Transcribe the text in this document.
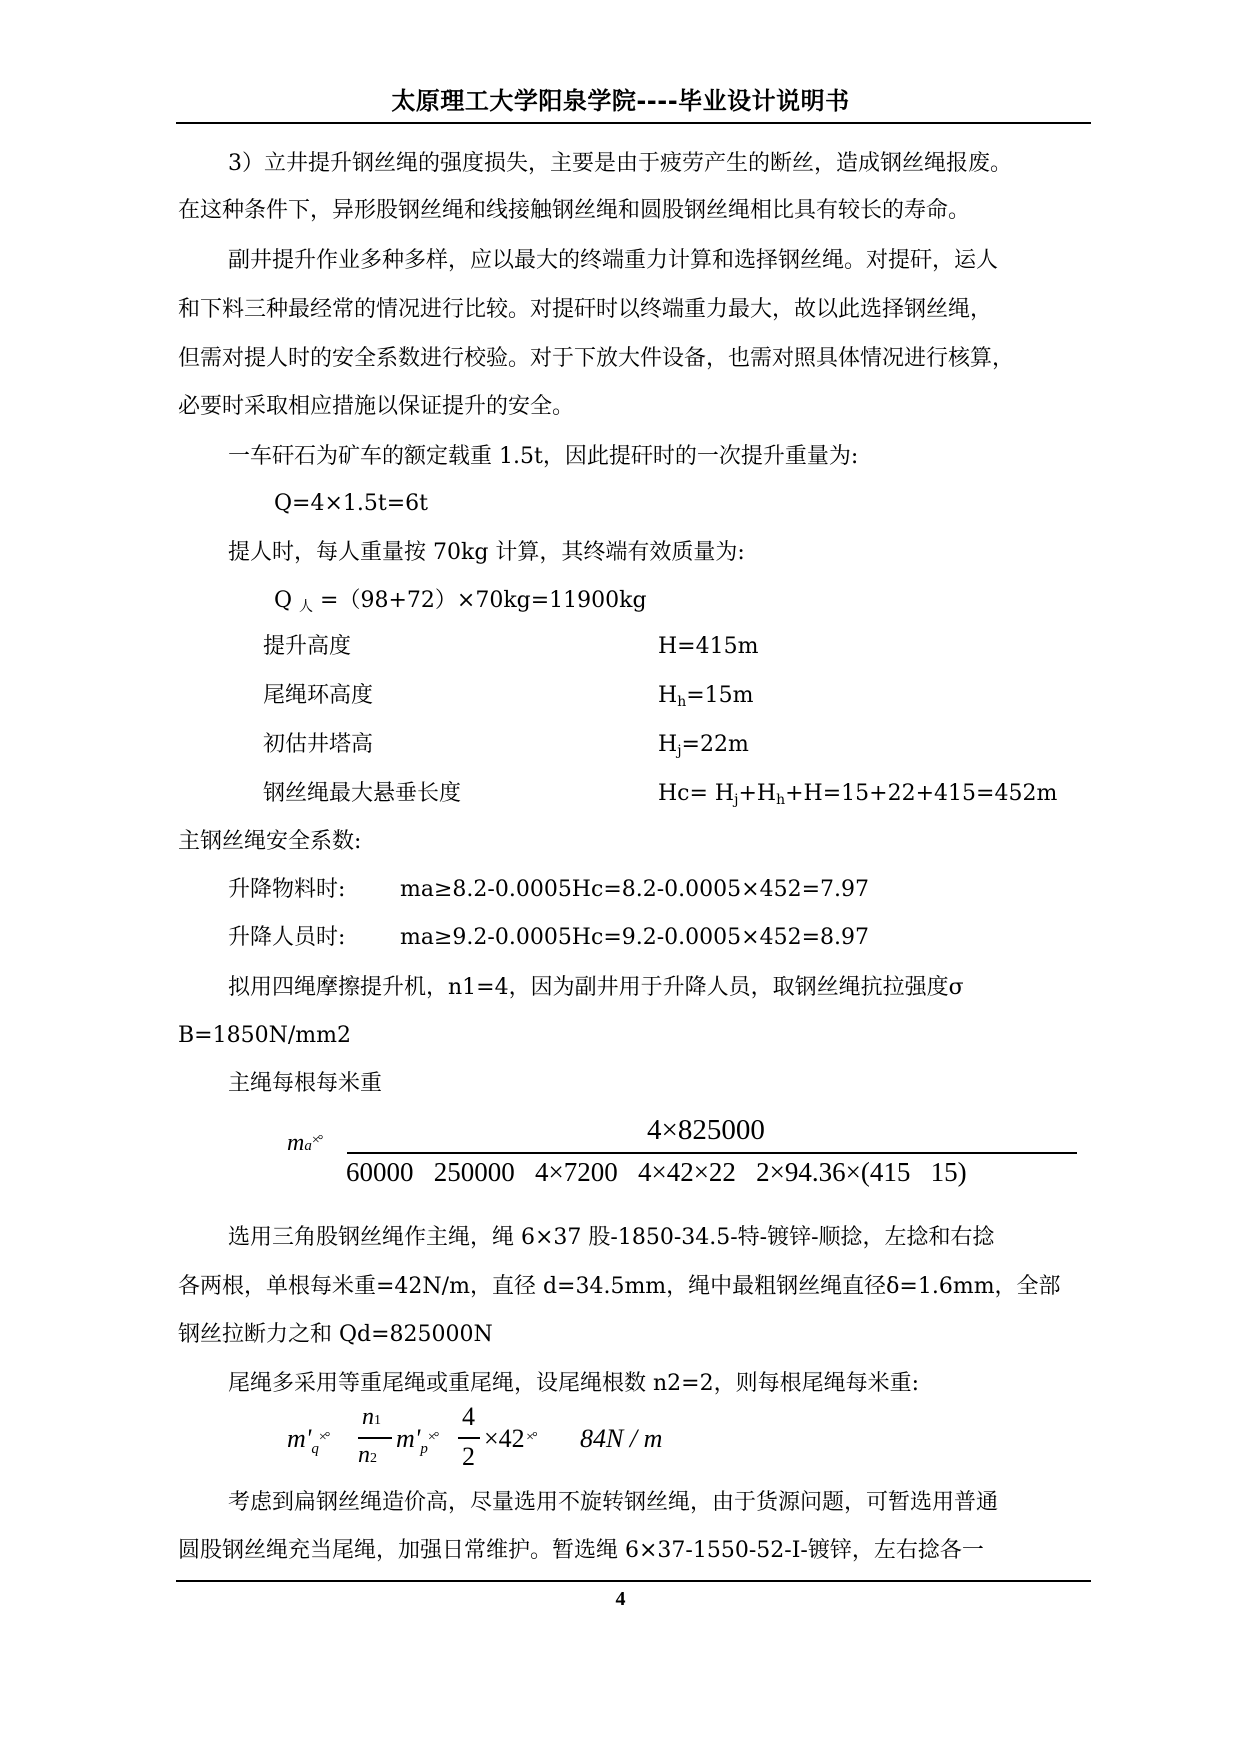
太原理工大学阳泉学院----毕业设计说明书
3）立井提升钢丝绳的强度损失，主要是由于疲劳产生的断丝，造成钢丝绳报废。
在这种条件下，异形股钢丝绳和线接触钢丝绳和圆股钢丝绳相比具有较长的寿命。
副井提升作业多种多样，应以最大的终端重力计算和选择钢丝绳。对提矸，运人
和下料三种最经常的情况进行比较。对提矸时以终端重力最大，故以此选择钢丝绳，
但需对提人时的安全系数进行校验。对于下放大件设备，也需对照具体情况进行核算，
必要时采取相应措施以保证提升的安全。
一车矸石为矿车的额定载重 1.5t，因此提矸时的一次提升重量为:
Q=4×1.5t=6t
提人时，每人重量按 70kg 计算，其终端有效质量为:
Q $_人$ =（98+72）×70kg=11900kg
提升高度	H=415m
尾绳环高度	$H_h=15m$
初估井塔高	$H_j=22m$
钢丝绳最大悬垂长度	$Hc= H_j+H_h+H=15+22+415=452m$
主钢丝绳安全系数:
升降物料时: ma≥8.2-0.0005Hc=8.2-0.0005×452=7.97
升降人员时: ma≥9.2-0.0005Hc=9.2-0.0005×452=8.97
拟用四绳摩擦提升机，n1=4，因为副井用于升降人员，取钢丝绳抗拉强度σ
B=1850N/mm2
主绳每根每米重
ma×°	4×825000
60000   250000   4×7200   4×42×22   2×94.36×(415   15)
选用三角股钢丝绳作主绳，绳 6×37 股-1850-34.5-特-镀锌-顺捻，左捻和右捻
各两根，单根每米重=42N/m，直径 d=34.5mm，绳中最粗钢丝绳直径δ=1.6mm，全部
钢丝拉断力之和 Qd=825000N
尾绳多采用等重尾绳或重尾绳，设尾绳根数 n2=2，则每根尾绳每米重:
$m'_q^{\times^\circ}$
n1
n2
$m'_p^{\times^\circ}$
4
2
×42 ×° 84N / m
考虑到扁钢丝绳造价高，尽量选用不旋转钢丝绳，由于货源问题，可暂选用普通
圆股钢丝绳充当尾绳，加强日常维护。暂选绳 6×37-1550-52-Ⅰ-镀锌，左右捻各一
4
